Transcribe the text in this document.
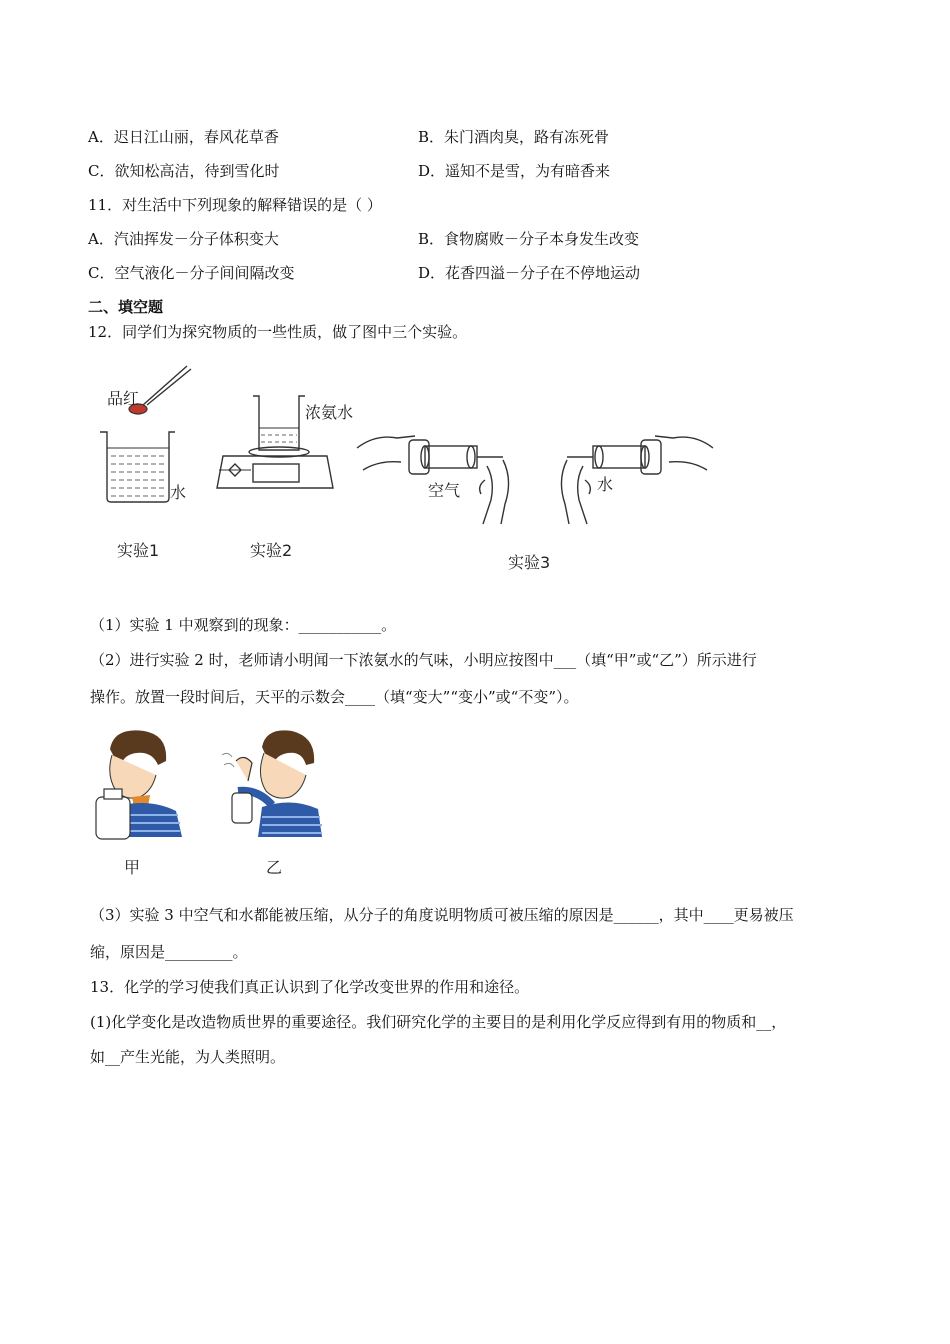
A．迟日江山丽，春风花草香	B．朱门酒肉臭，路有冻死骨
C．欲知松高洁，待到雪化时	D．遥知不是雪，为有暗香来
11．对生活中下列现象的解释错误的是（ ）
A．汽油挥发－分子体积变大	B．食物腐败－分子本身发生改变
C．空气液化－分子间间隔改变	D．花香四溢－分子在不停地运动
二、填空题
12．同学们为探究物质的一些性质，做了图中三个实验。
品红
水
实验1
浓氨水
实验2
空气	水
实验3
（1）实验 1 中观察到的现象：___________。
（2）进行实验 2 时，老师请小明闻一下浓氨水的气味，小明应按图中___（填“甲”或“乙”）所示进行
操作。放置一段时间后，天平的示数会____（填“变大”“变小”或“不变”）。
甲	乙
（3）实验 3 中空气和水都能被压缩，从分子的角度说明物质可被压缩的原因是______，其中____更易被压
缩，原因是_________。
13．化学的学习使我们真正认识到了化学改变世界的作用和途径。
(1)化学变化是改造物质世界的重要途径。我们研究化学的主要目的是利用化学反应得到有用的物质和__，
如__产生光能，为人类照明。
